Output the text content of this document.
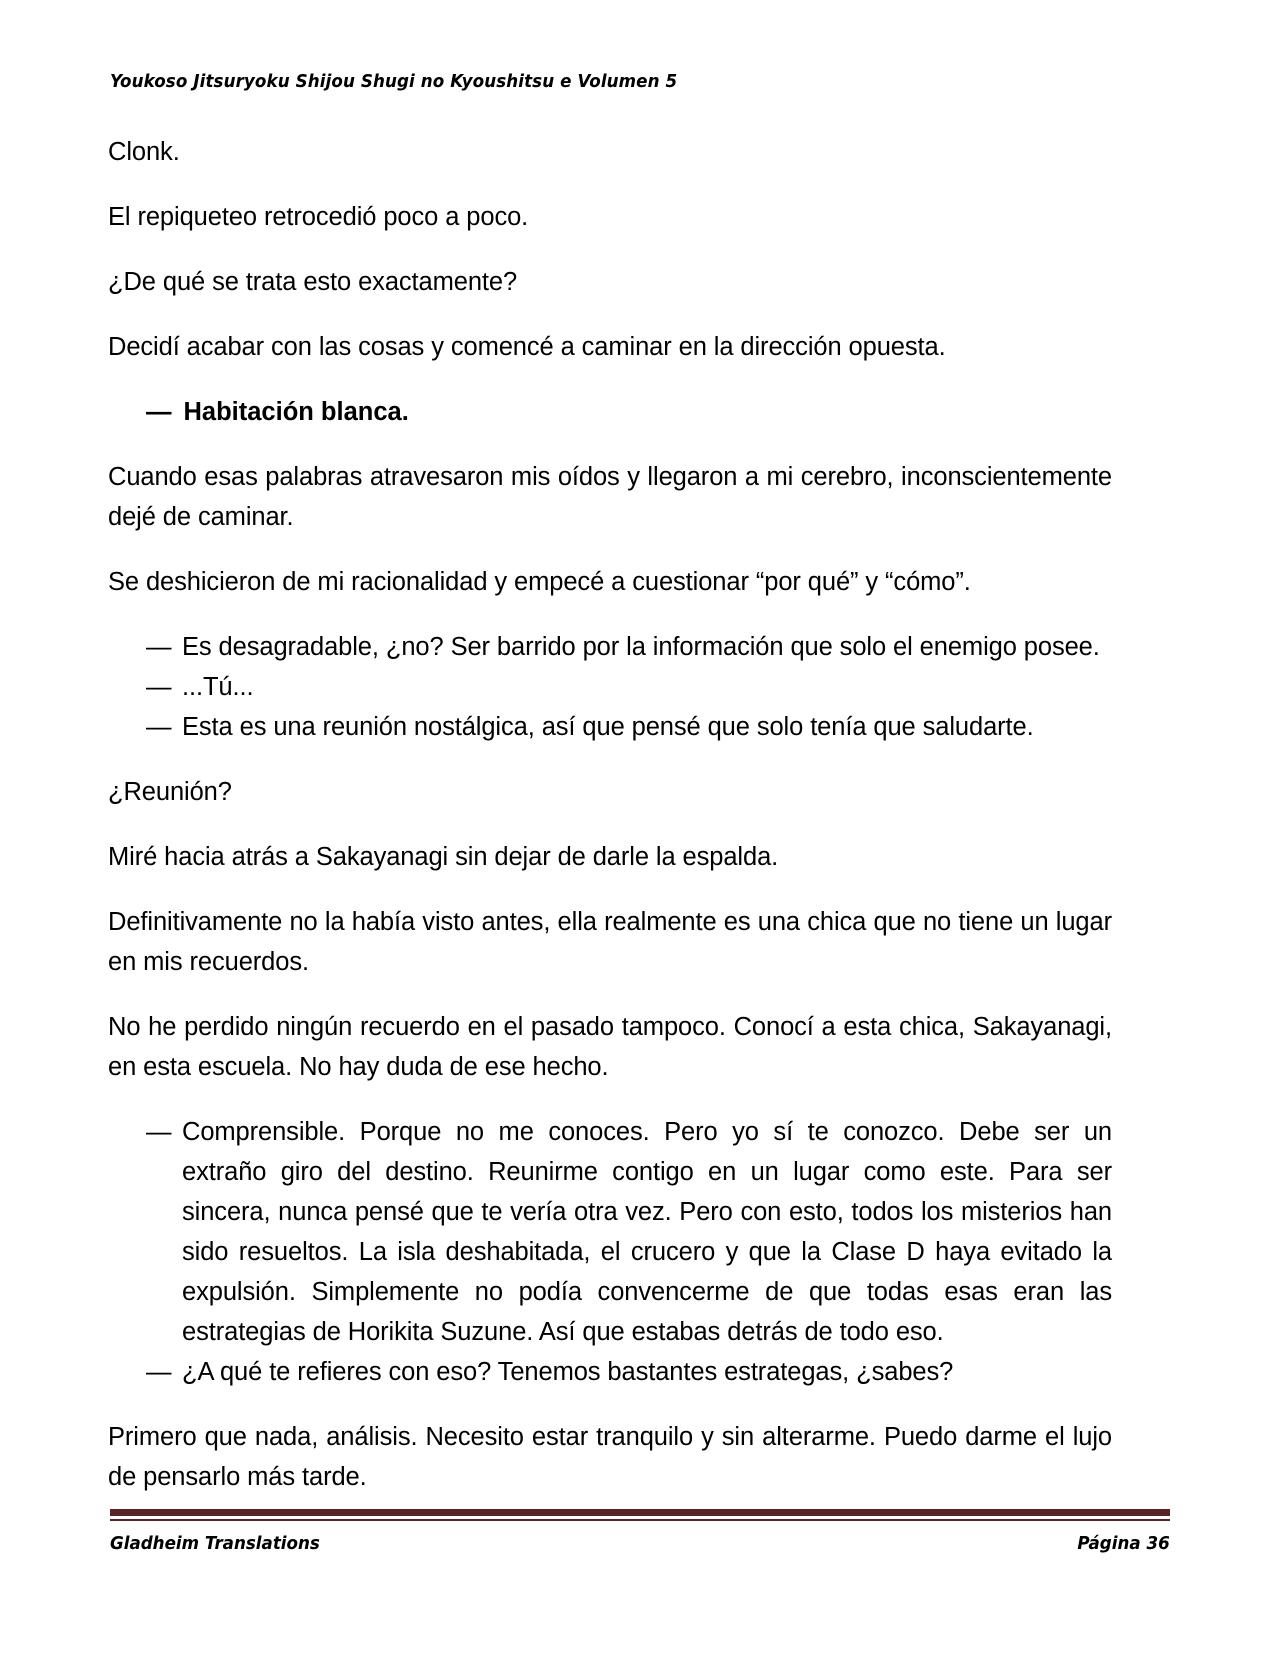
Youkoso Jitsuryoku Shijou Shugi no Kyoushitsu e Volumen 5

Clonk.

El repiqueteo retrocedió poco a poco.

¿De qué se trata esto exactamente?

Decidí acabar con las cosas y comencé a caminar en la dirección opuesta.

— Habitación blanca.

Cuando esas palabras atravesaron mis oídos y llegaron a mi cerebro, inconscientemente dejé de caminar.

Se deshicieron de mi racionalidad y empecé a cuestionar “por qué” y “cómo”.

— Es desagradable, ¿no? Ser barrido por la información que solo el enemigo posee.
— ...Tú...
— Esta es una reunión nostálgica, así que pensé que solo tenía que saludarte.

¿Reunión?

Miré hacia atrás a Sakayanagi sin dejar de darle la espalda.

Definitivamente no la había visto antes, ella realmente es una chica que no tiene un lugar en mis recuerdos.

No he perdido ningún recuerdo en el pasado tampoco. Conocí a esta chica, Sakayanagi, en esta escuela. No hay duda de ese hecho.

— Comprensible. Porque no me conoces. Pero yo sí te conozco. Debe ser un extraño giro del destino. Reunirme contigo en un lugar como este. Para ser sincera, nunca pensé que te vería otra vez. Pero con esto, todos los misterios han sido resueltos. La isla deshabitada, el crucero y que la Clase D haya evitado la expulsión. Simplemente no podía convencerme de que todas esas eran las estrategias de Horikita Suzune. Así que estabas detrás de todo eso.
— ¿A qué te refieres con eso? Tenemos bastantes estrategas, ¿sabes?

Primero que nada, análisis. Necesito estar tranquilo y sin alterarme. Puedo darme el lujo de pensarlo más tarde.

Gladheim Translations	Página 36
